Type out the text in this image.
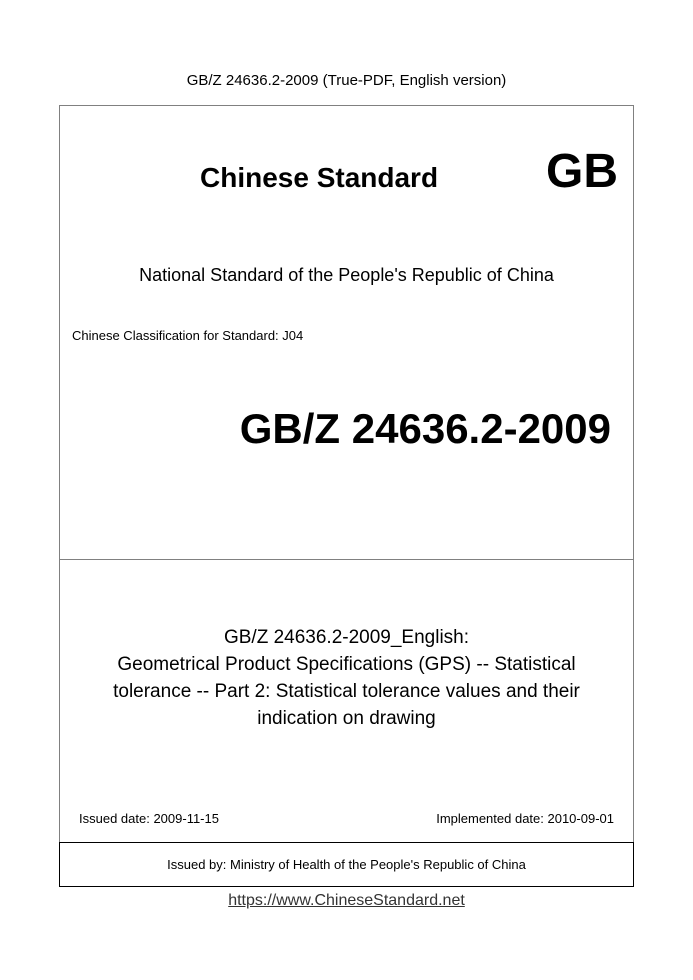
GB/Z 24636.2-2009 (True-PDF, English version)
Chinese Standard GB
National Standard of the People's Republic of China
Chinese Classification for Standard: J04
GB/Z 24636.2-2009
GB/Z 24636.2-2009_English:
Geometrical Product Specifications (GPS) -- Statistical
tolerance -- Part 2: Statistical tolerance values and their
indication on drawing
Issued date: 2009-11-15	Implemented date: 2010-09-01
Issued by: Ministry of Health of the People's Republic of China
https://www.ChineseStandard.net
